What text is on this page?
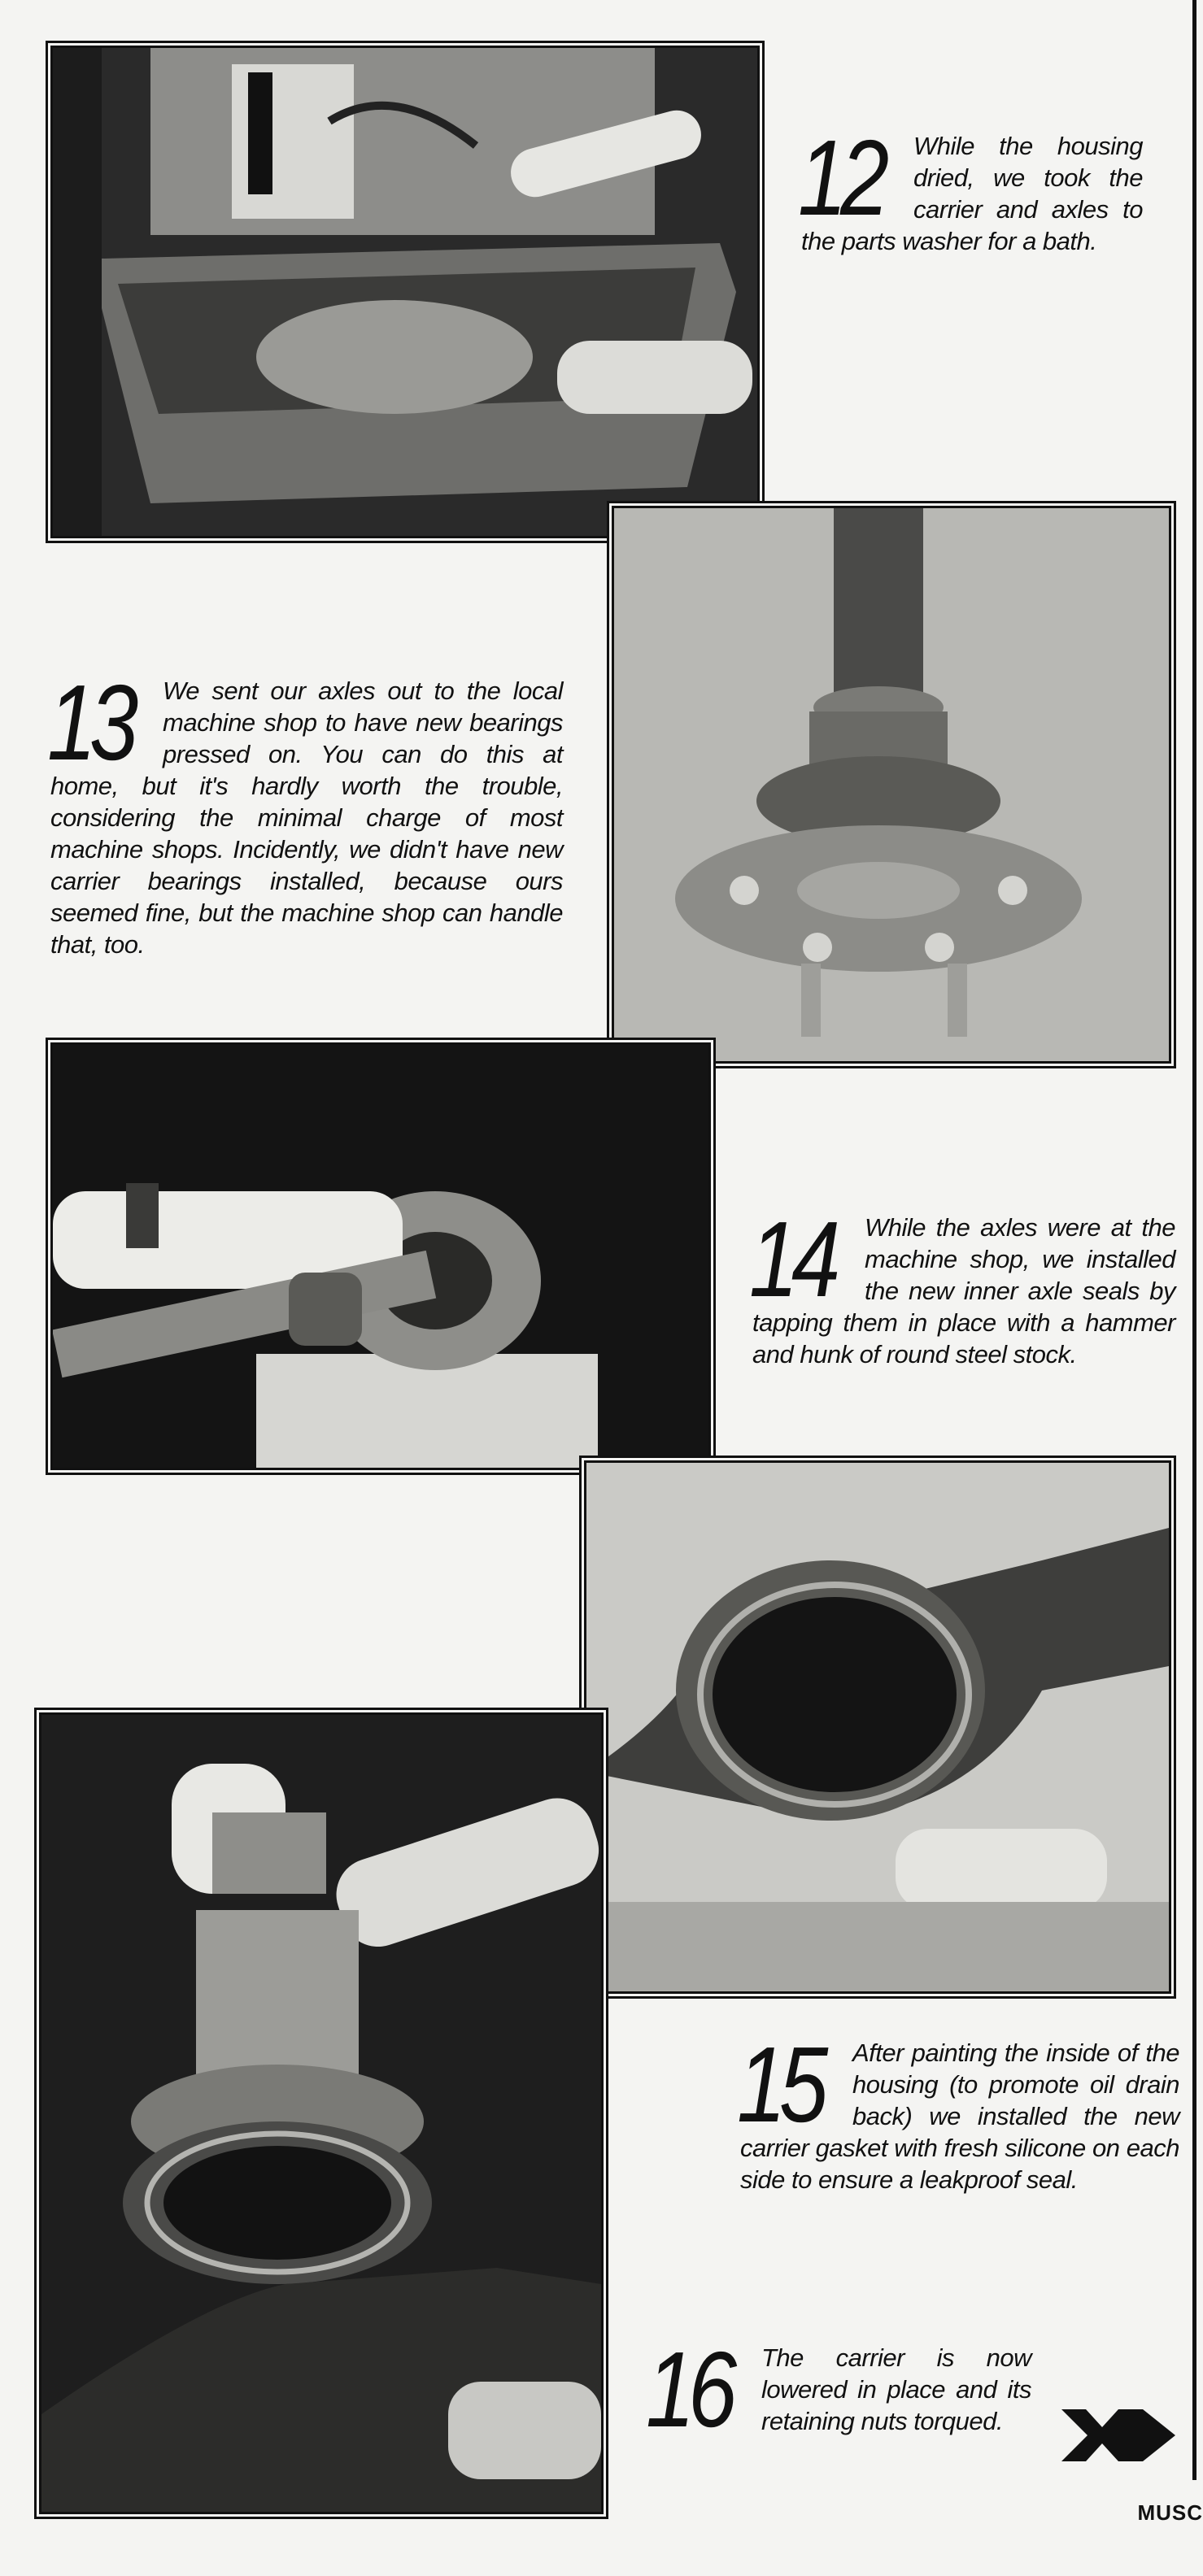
12 While the housing dried, we took the carrier and axles to the parts washer for a bath.
13 We sent our axles out to the local machine shop to have new bearings pressed on. You can do this at home, but it's hardly worth the trouble, considering the minimal charge of most machine shops. Incidently, we didn't have new carrier bearings installed, because ours seemed fine, but the machine shop can handle that, too.
14 While the axles were at the machine shop, we installed the new inner axle seals by tapping them in place with a hammer and hunk of round steel stock.
15 After painting the inside of the housing (to promote oil drain back) we installed the new carrier gasket with fresh silicone on each side to ensure a leakproof seal.
16 The carrier is now lowered in place and its retaining nuts torqued.
MUSC
